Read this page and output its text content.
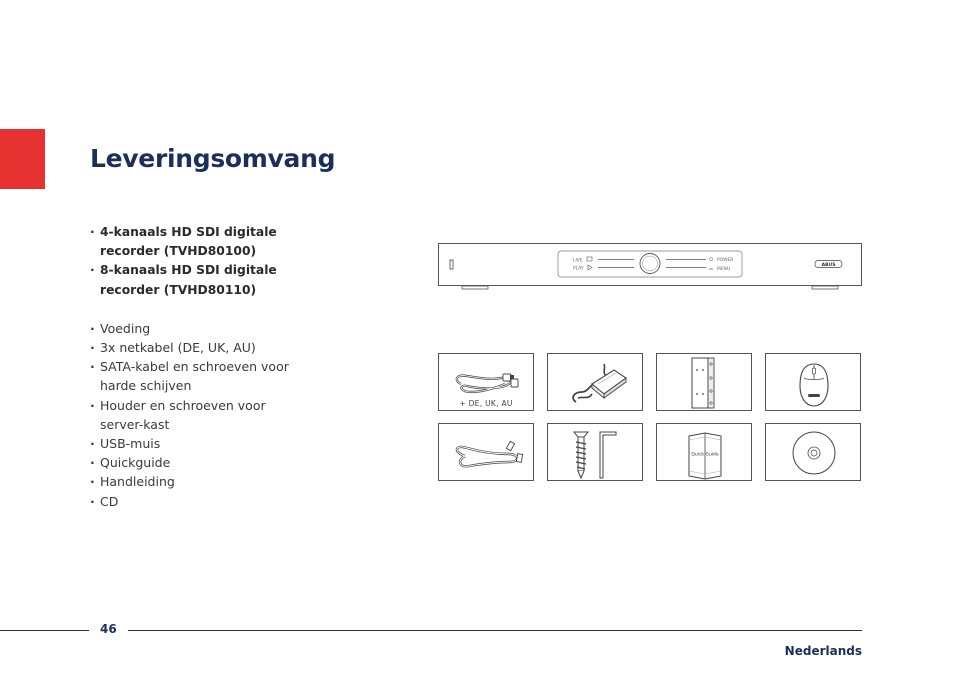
Leveringsomvang
· 4-kanaals HD SDI digitale
recorder (TVHD80100)
· 8-kanaals HD SDI digitale
recorder (TVHD80110)
· Voeding
· 3x netkabel (DE, UK, AU)
· SATA-kabel en schroeven voor
harde schijven
· Houder en schroeven voor
server-kast
· USB-muis
· Quickguide
· Handleiding
· CD
LIVE
PLAY
POWER
MENU
ABUS
+ DE, UK, AU
Quick Guide
46
Nederlands
